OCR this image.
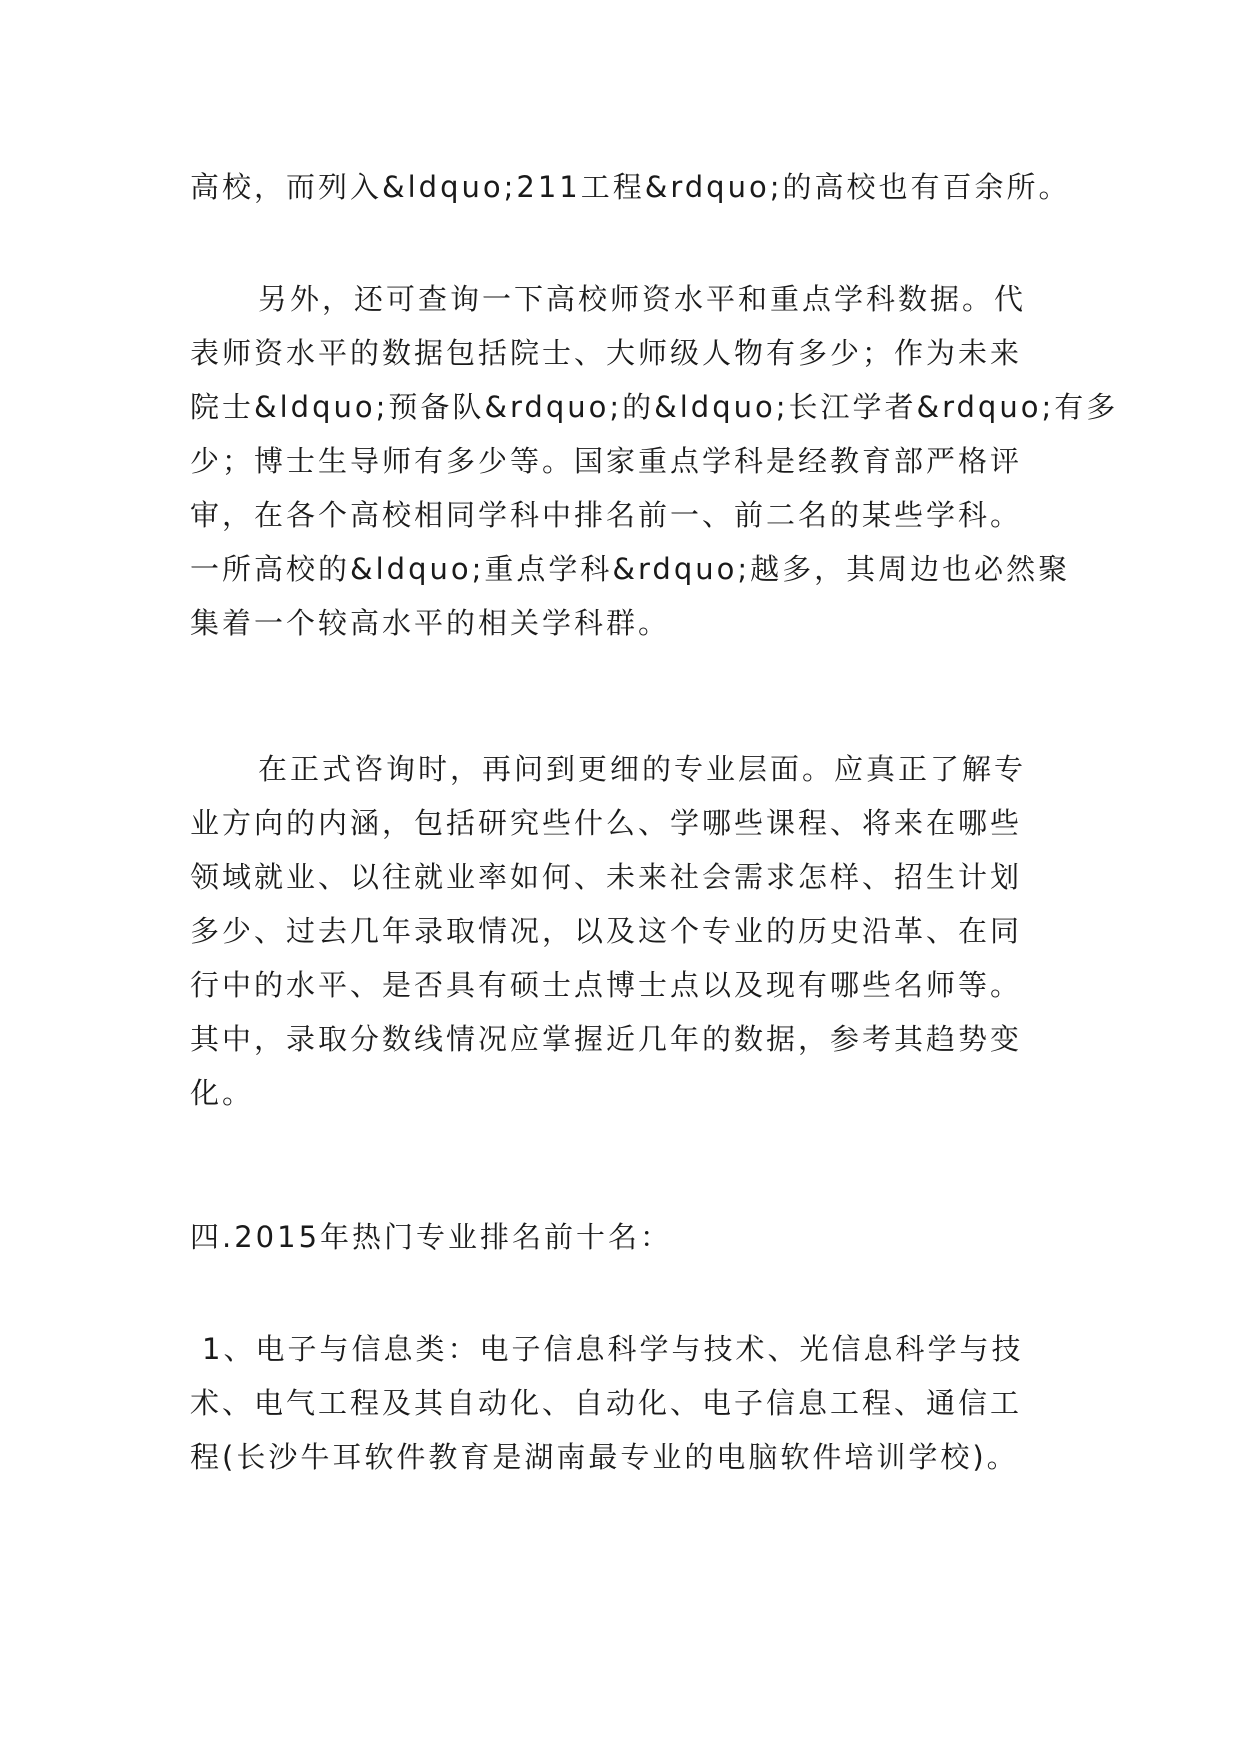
高校，而列入&ldquo;211工程&rdquo;的高校也有百余所。
另外，还可查询一下高校师资水平和重点学科数据。代
表师资水平的数据包括院士、大师级人物有多少；作为未来
院士&ldquo;预备队&rdquo;的&ldquo;长江学者&rdquo;有多
少；博士生导师有多少等。国家重点学科是经教育部严格评
审，在各个高校相同学科中排名前一、前二名的某些学科。
一所高校的&ldquo;重点学科&rdquo;越多，其周边也必然聚
集着一个较高水平的相关学科群。
在正式咨询时，再问到更细的专业层面。应真正了解专
业方向的内涵，包括研究些什么、学哪些课程、将来在哪些
领域就业、以往就业率如何、未来社会需求怎样、招生计划
多少、过去几年录取情况，以及这个专业的历史沿革、在同
行中的水平、是否具有硕士点博士点以及现有哪些名师等。
其中，录取分数线情况应掌握近几年的数据，参考其趋势变
化。
四.2015年热门专业排名前十名：
1、电子与信息类：电子信息科学与技术、光信息科学与技
术、电气工程及其自动化、自动化、电子信息工程、通信工
程(长沙牛耳软件教育是湖南最专业的电脑软件培训学校)。
